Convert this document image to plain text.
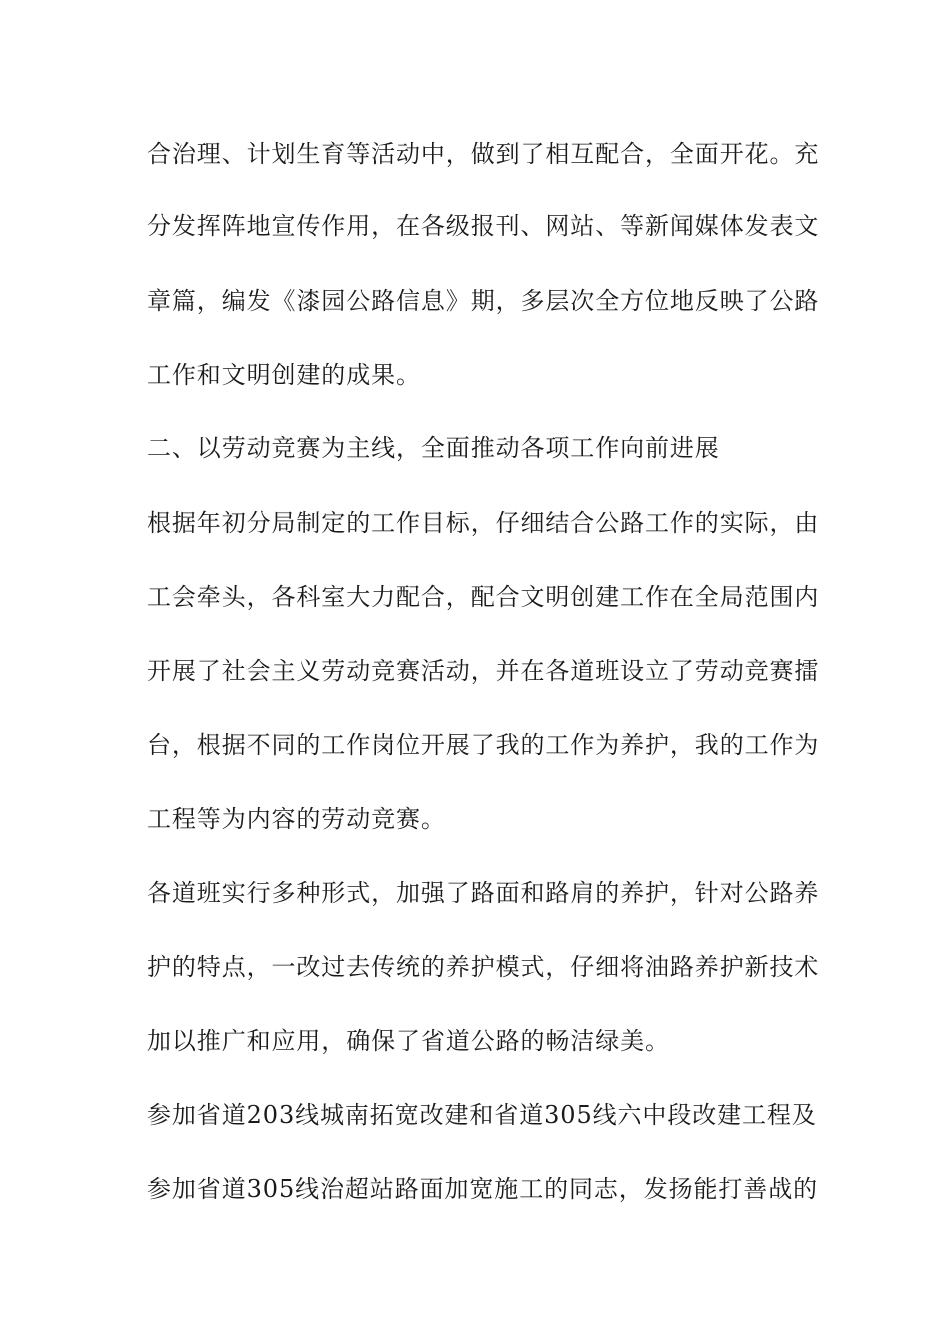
合治理、计划生育等活动中，做到了相互配合，全面开花。充
分发挥阵地宣传作用，在各级报刊、网站、等新闻媒体发表文
章篇，编发《漆园公路信息》期，多层次全方位地反映了公路
工作和文明创建的成果。
二、以劳动竞赛为主线，全面推动各项工作向前进展
根据年初分局制定的工作目标，仔细结合公路工作的实际，由
工会牵头，各科室大力配合，配合文明创建工作在全局范围内
开展了社会主义劳动竞赛活动，并在各道班设立了劳动竞赛擂
台，根据不同的工作岗位开展了我的工作为养护，我的工作为
工程等为内容的劳动竞赛。
各道班实行多种形式，加强了路面和路肩的养护，针对公路养
护的特点，一改过去传统的养护模式，仔细将油路养护新技术
加以推广和应用，确保了省道公路的畅洁绿美。
参加省道203线城南拓宽改建和省道305线六中段改建工程及
参加省道305线治超站路面加宽施工的同志，发扬能打善战的
